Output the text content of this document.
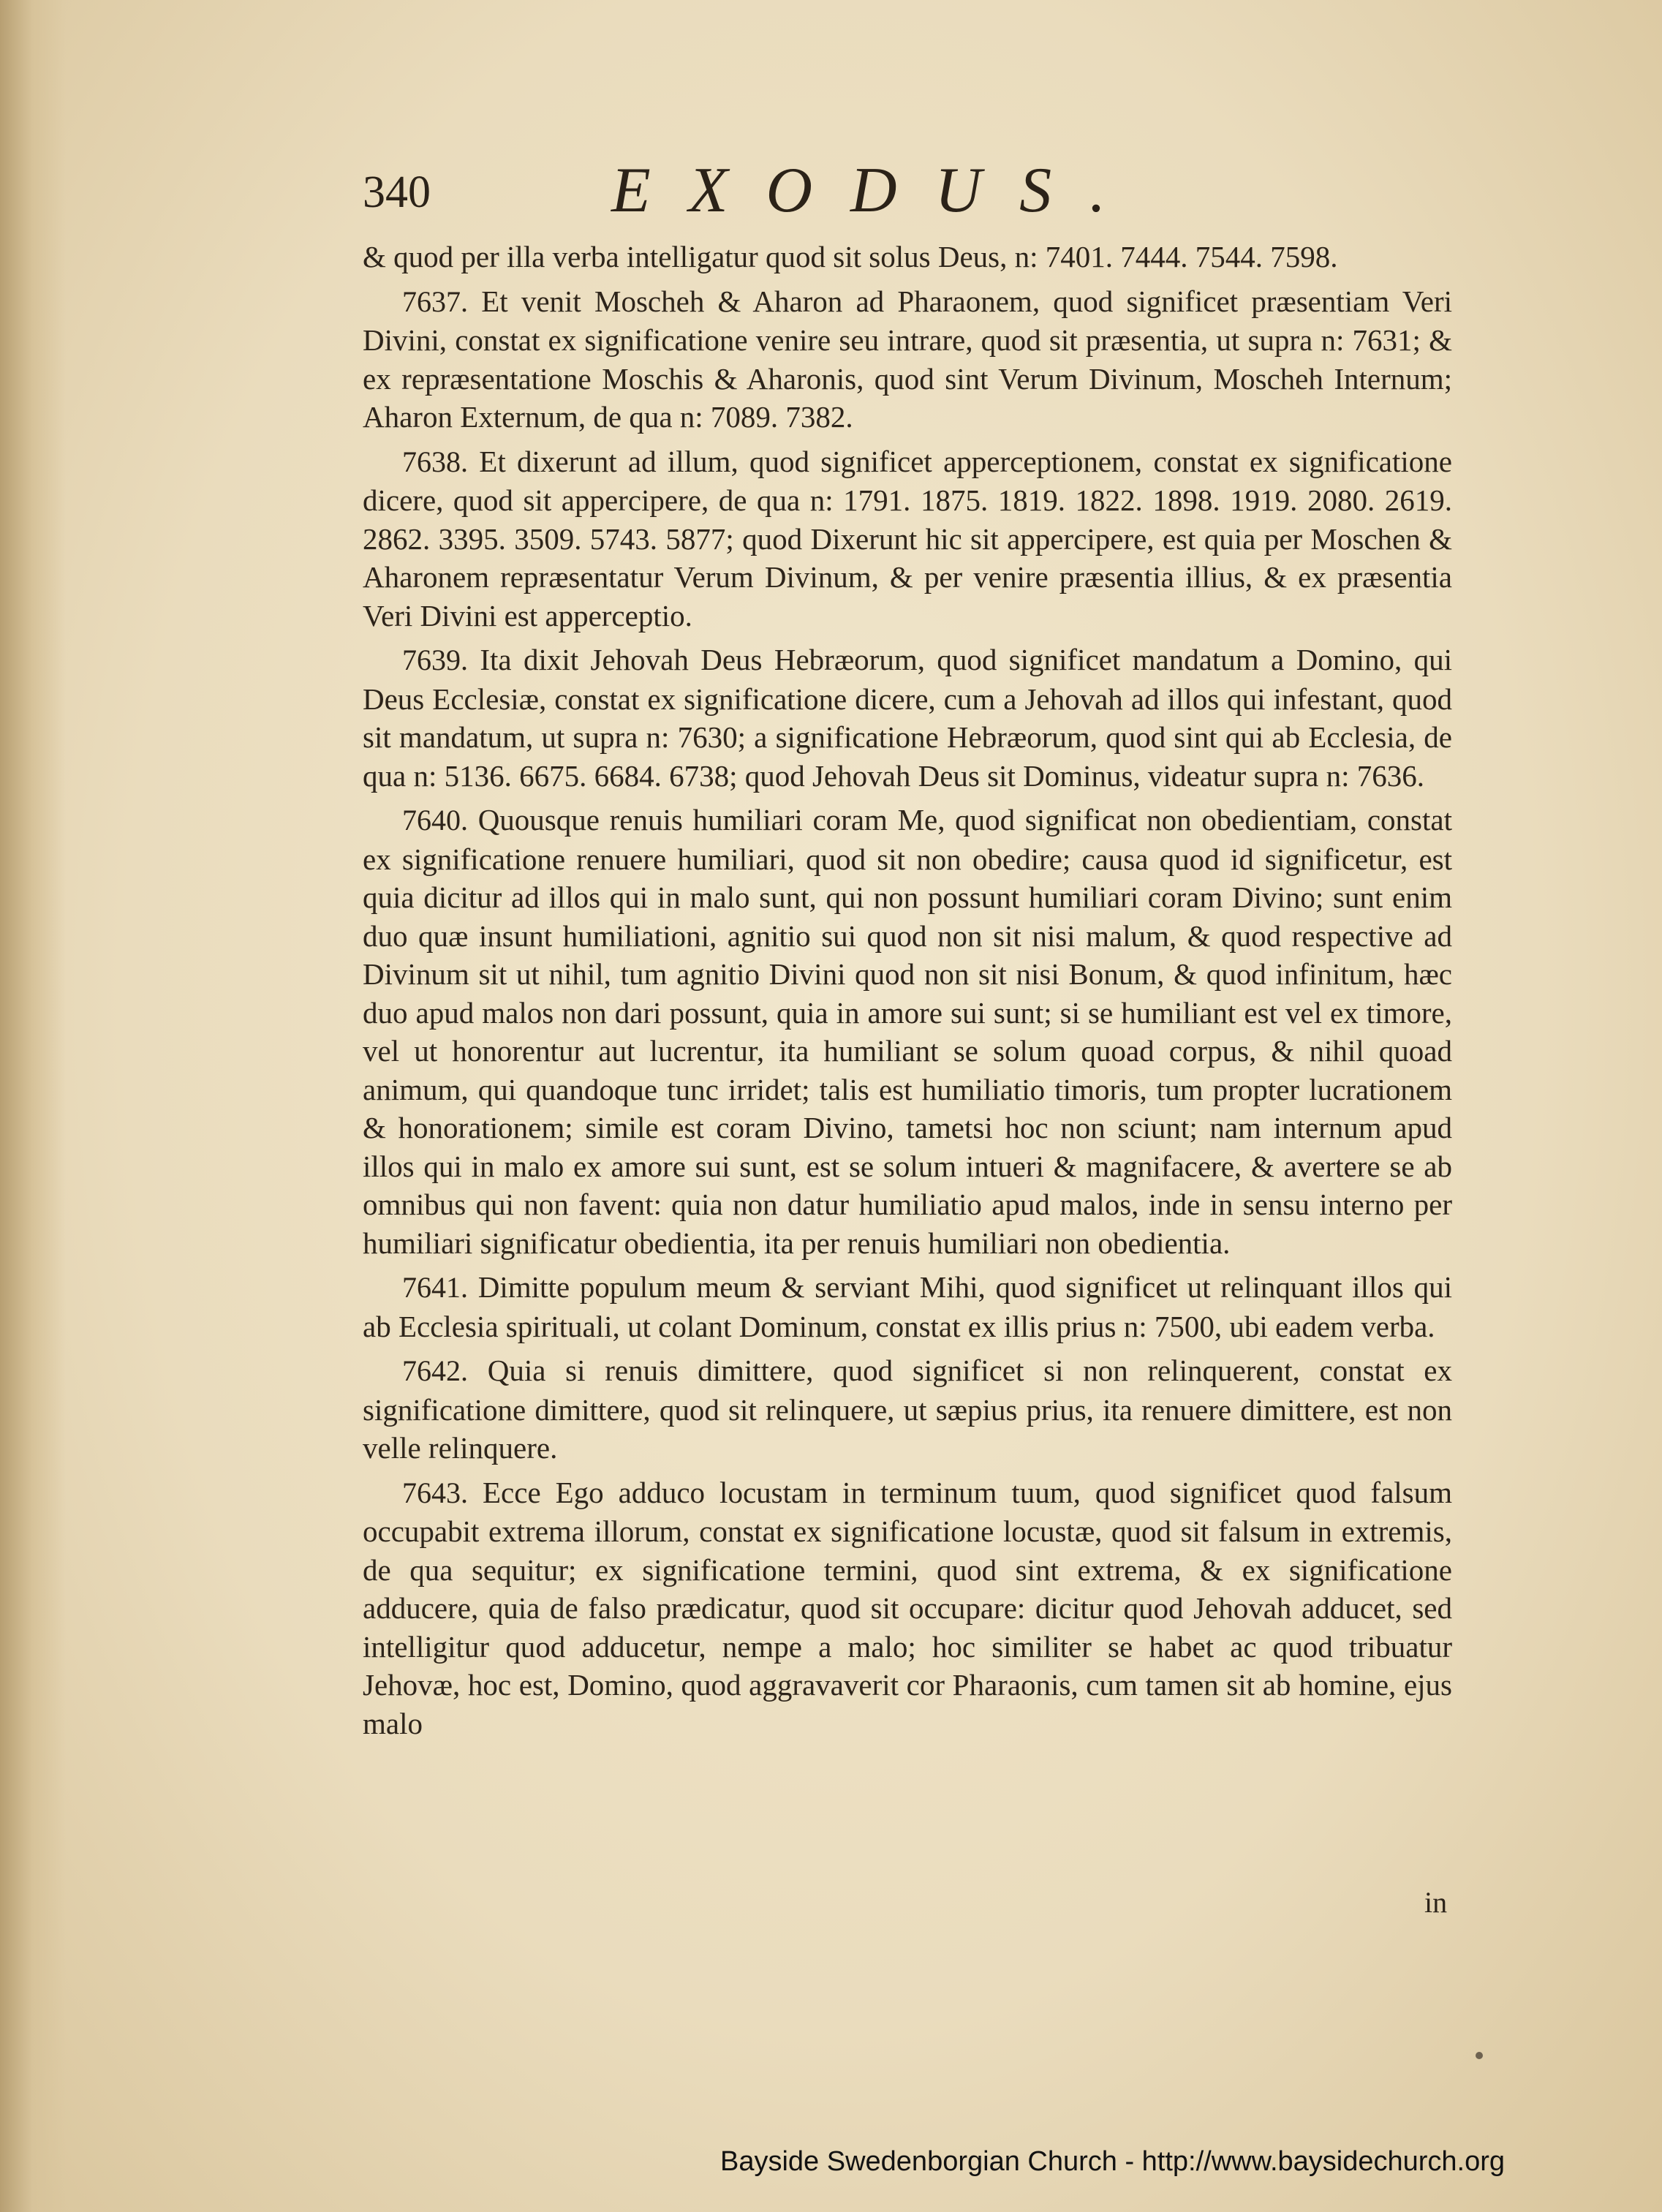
340	EXODUS.

& quod per illa verba intelligatur quod sit solus Deus, n: 7401. 7444. 7544. 7598.

7637. Et venit Moscheh & Aharon ad Pharaonem, quod significet præsentiam Veri Divini, constat ex significatione venire seu intrare, quod sit præsentia, ut supra n: 7631; & ex repræsentatione Moschis & Aharonis, quod sint Verum Divinum, Moscheh Internum; Aharon Externum, de qua n: 7089. 7382.

7638. Et dixerunt ad illum, quod significet apperceptionem, constat ex significatione dicere, quod sit appercipere, de qua n: 1791. 1875. 1819. 1822. 1898. 1919. 2080. 2619. 2862. 3395. 3509. 5743. 5877; quod Dixerunt hic sit appercipere, est quia per Moschen & Aharonem repræsentatur Verum Divinum, & per venire præsentia illius, & ex præsentia Veri Divini est apperceptio.

7639. Ita dixit Jehovah Deus Hebræorum, quod significet mandatum a Domino, qui Deus Ecclesiæ, constat ex significatione dicere, cum a Jehovah ad illos qui infestant, quod sit mandatum, ut supra n: 7630; a significatione Hebræorum, quod sint qui ab Ecclesia, de qua n: 5136. 6675. 6684. 6738; quod Jehovah Deus sit Dominus, videatur supra n: 7636.

7640. Quousque renuis humiliari coram Me, quod significat non obedientiam, constat ex significatione renuere humiliari, quod sit non obedire; causa quod id significetur, est quia dicitur ad illos qui in malo sunt, qui non possunt humiliari coram Divino; sunt enim duo quæ insunt humiliationi, agnitio sui quod non sit nisi malum, & quod respective ad Divinum sit ut nihil, tum agnitio Divini quod non sit nisi Bonum, & quod infinitum, hæc duo apud malos non dari possunt, quia in amore sui sunt; si se humiliant est vel ex timore, vel ut honorentur aut lucrentur, ita humiliant se solum quoad corpus, & nihil quoad animum, qui quandoque tunc irridet; talis est humiliatio timoris, tum propter lucrationem & honorationem; simile est coram Divino, tametsi hoc non sciunt; nam internum apud illos qui in malo ex amore sui sunt, est se solum intueri & magnifacere, & avertere se ab omnibus qui non favent: quia non datur humiliatio apud malos, inde in sensu interno per humiliari significatur obedientia, ita per renuis humiliari non obedientia.

7641. Dimitte populum meum & serviant Mihi, quod significet ut relinquant illos qui ab Ecclesia spirituali, ut colant Dominum, constat ex illis prius n: 7500, ubi eadem verba.

7642. Quia si renuis dimittere, quod significet si non relinquerent, constat ex significatione dimittere, quod sit relinquere, ut sæpius prius, ita renuere dimittere, est non velle relinquere.

7643. Ecce Ego adduco locustam in terminum tuum, quod significet quod falsum occupabit extrema illorum, constat ex significatione locustæ, quod sit falsum in extremis, de qua sequitur; ex significatione termini, quod sint extrema, & ex significatione adducere, quia de falso prædicatur, quod sit occupare: dicitur quod Jehovah adducet, sed intelligitur quod adducetur, nempe a malo; hoc similiter se habet ac quod tribuatur Jehovæ, hoc est, Domino, quod aggravaverit cor Pharaonis, cum tamen sit ab homine, ejus malo

in
Bayside Swedenborgian Church - http://www.baysidechurch.org
